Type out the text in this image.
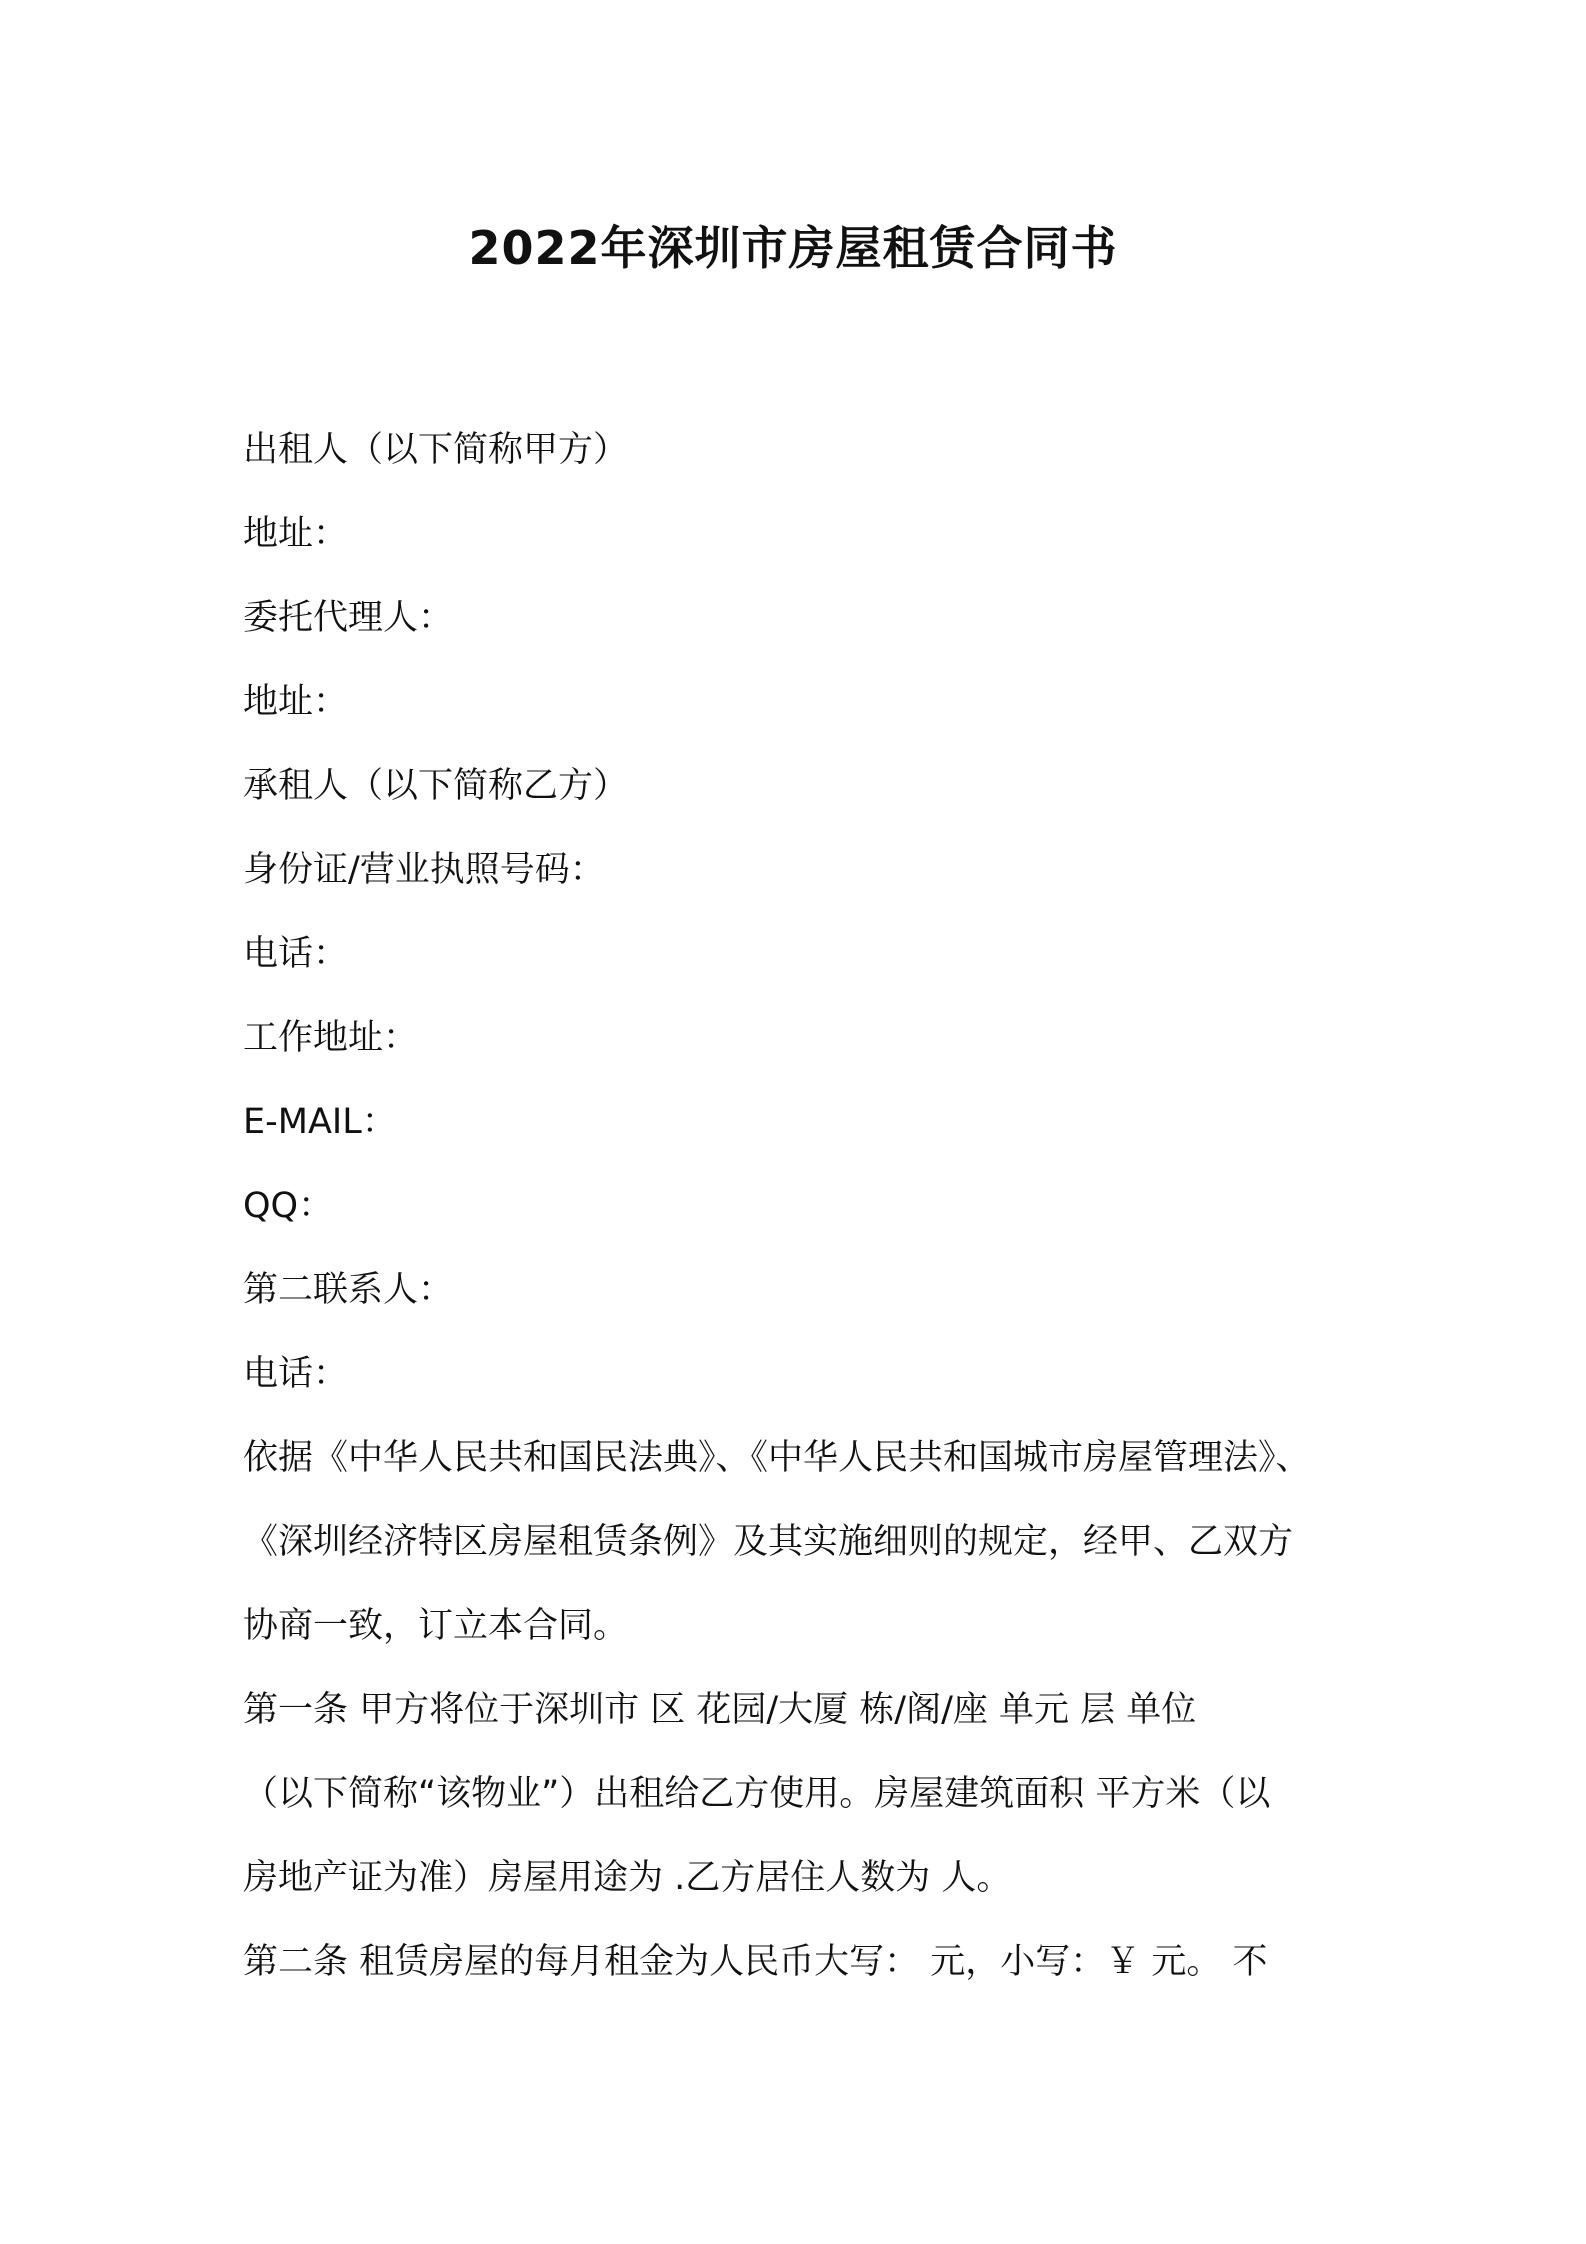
2022年深圳市房屋租赁合同书
出租人（以下简称甲方）
地址：
委托代理人：
地址：
承租人（以下简称乙方）
身份证/营业执照号码：
电话：
工作地址：
E-MAIL：
QQ：
第二联系人：
电话：
依据《中华人民共和国民法典》、《中华人民共和国城市房屋管理法》、
《深圳经济特区房屋租赁条例》及其实施细则的规定，经甲、乙双方
协商一致，订立本合同。
第一条 甲方将位于深圳市 区 花园/大厦 栋/阁/座 单元 层 单位
（以下简称“该物业”）出租给乙方使用。房屋建筑面积 平方米（以
房地产证为准）房屋用途为 .乙方居住人数为 人。
第二条 租赁房屋的每月租金为人民币大写： 元，小写：￥ 元。 不
